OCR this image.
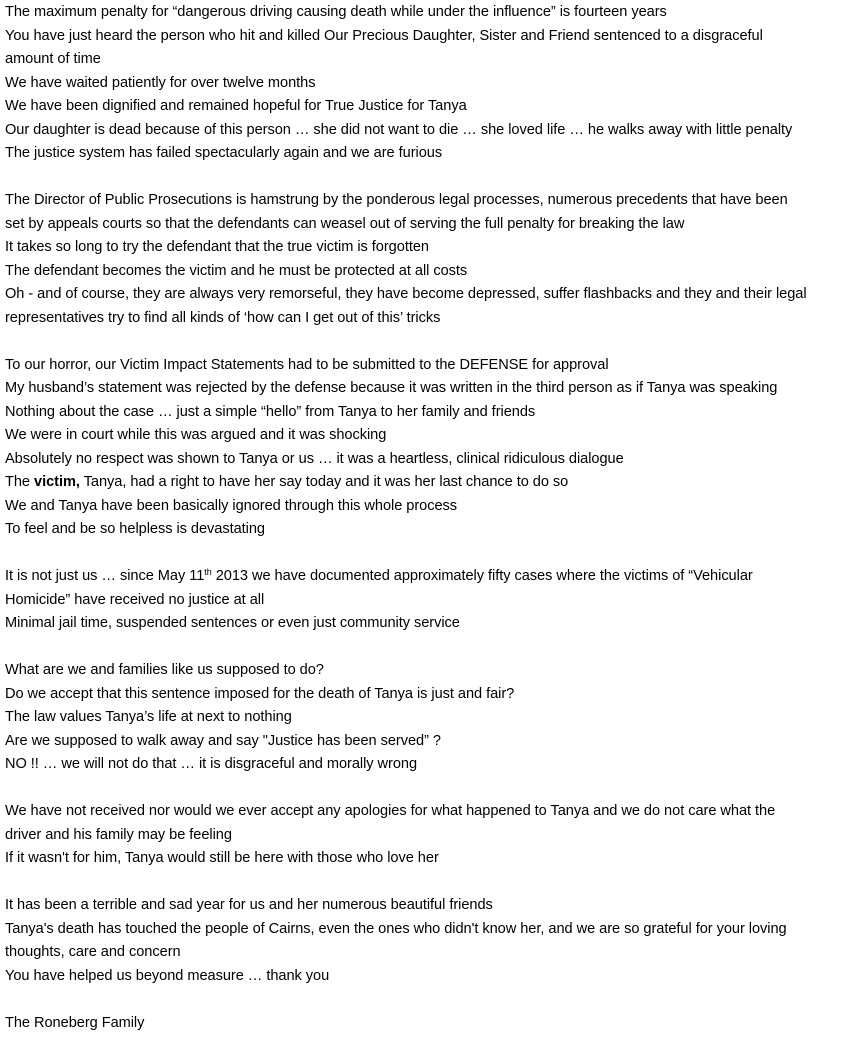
The maximum penalty for “dangerous driving causing death while under the influence” is fourteen years
You have just heard the person who hit and killed Our Precious Daughter, Sister and Friend sentenced to a disgraceful
amount of time
We have waited patiently for over twelve months
We have been dignified and remained hopeful for True Justice for Tanya
Our daughter is dead because of this person … she did not want to die … she loved life … he walks away with little penalty
The justice system has failed spectacularly again and we are furious
The Director of Public Prosecutions is hamstrung by the ponderous legal processes, numerous precedents that have been
set by appeals courts so that the defendants can weasel out of serving the full penalty for breaking the law
It takes so long to try the defendant that the true victim is forgotten
The defendant becomes the victim and he must be protected at all costs
Oh - and of course, they are always very remorseful, they have become depressed, suffer flashbacks and they and their legal
representatives try to find all kinds of ‘how can I get out of this’ tricks
To our horror, our Victim Impact Statements had to be submitted to the DEFENSE for approval
My husband’s statement was rejected by the defense because it was written in the third person as if Tanya was speaking
Nothing about the case … just a simple “hello” from Tanya to her family and friends
We were in court while this was argued and it was shocking
Absolutely no respect was shown to Tanya or us … it was a heartless, clinical ridiculous dialogue
The victim, Tanya, had a right to have her say today and it was her last chance to do so
We and Tanya have been basically ignored through this whole process
To feel and be so helpless is devastating
It is not just us … since May 11th 2013 we have documented approximately fifty cases where the victims of “Vehicular
Homicide” have received no justice at all
Minimal jail time, suspended sentences or even just community service
What are we and families like us supposed to do?
Do we accept that this sentence imposed for the death of Tanya is just and fair?
The law values Tanya’s life at next to nothing
Are we supposed to walk away and say "Justice has been served” ?
NO !! … we will not do that … it is disgraceful and morally wrong
We have not received nor would we ever accept any apologies for what happened to Tanya and we do not care what the
driver and his family may be feeling
If it wasn't for him, Tanya would still be here with those who love her
It has been a terrible and sad year for us and her numerous beautiful friends
Tanya's death has touched the people of Cairns, even the ones who didn't know her, and we are so grateful for your loving
thoughts, care and concern
You have helped us beyond measure … thank you
The Roneberg Family
